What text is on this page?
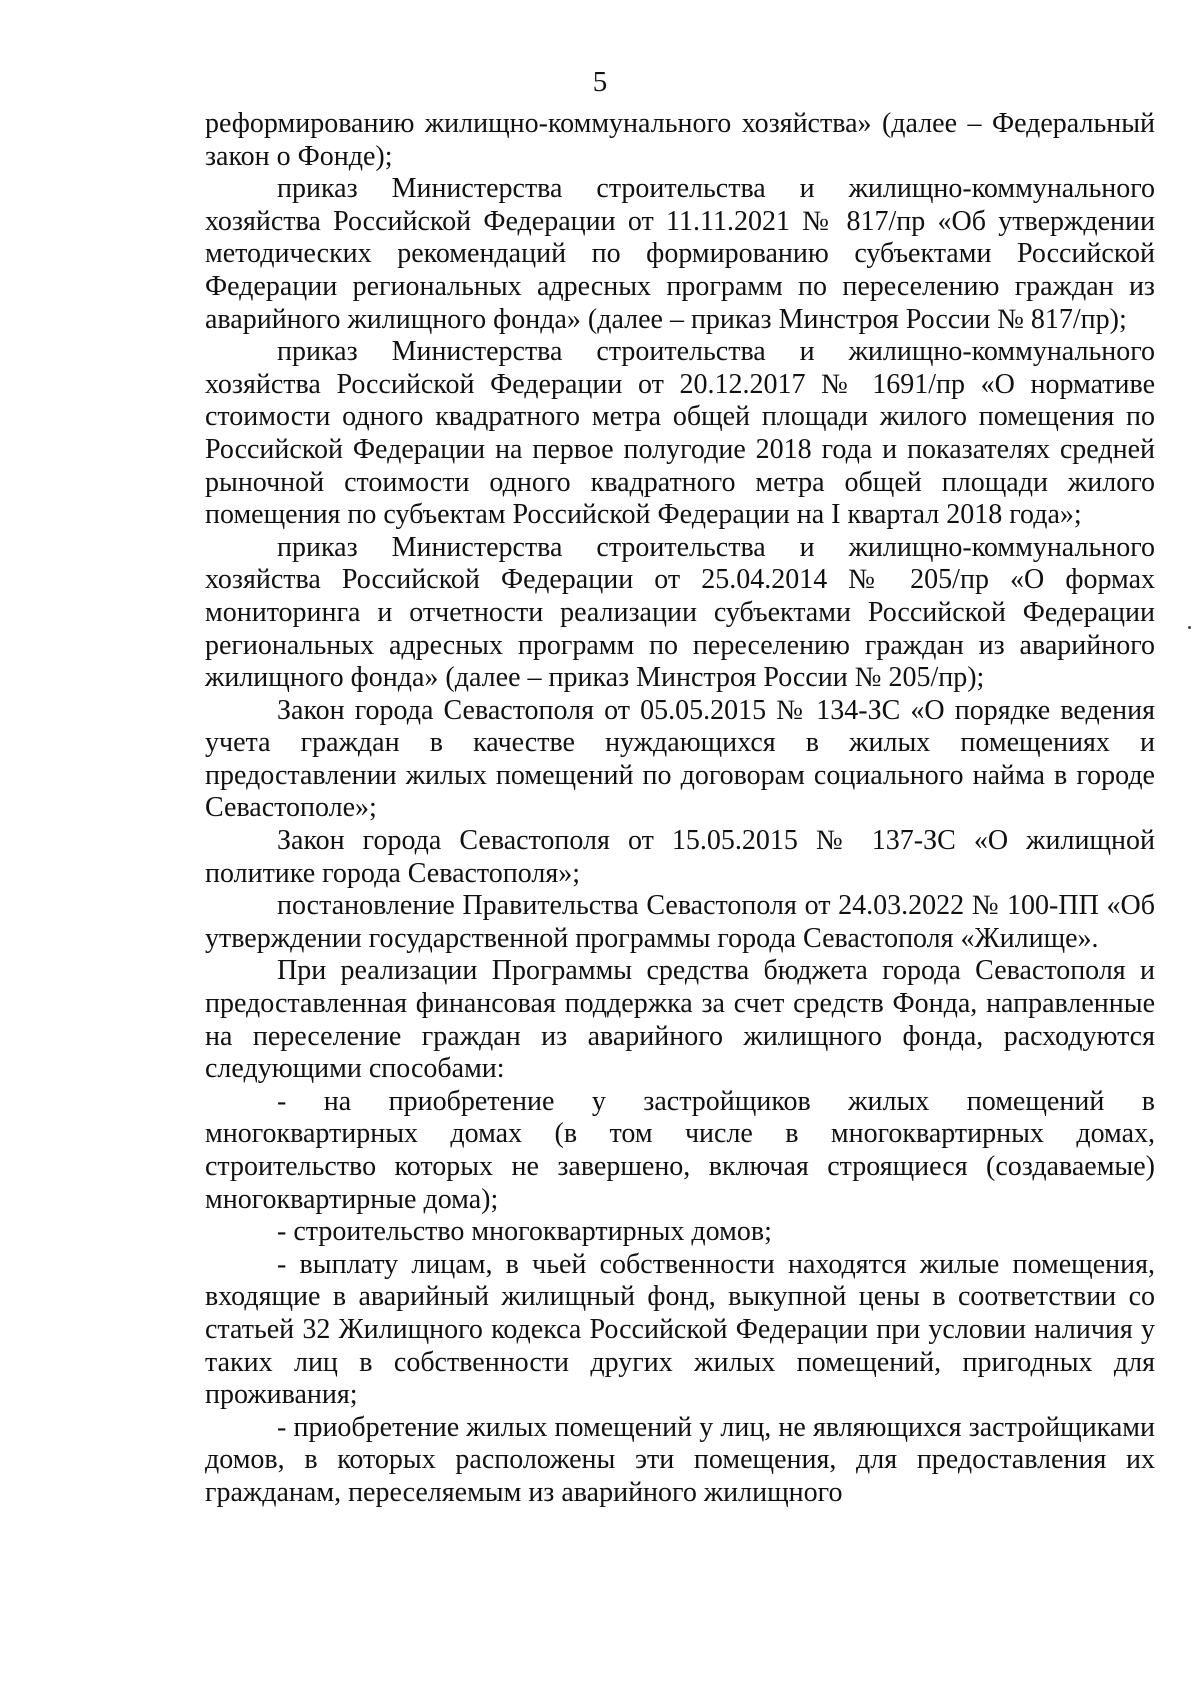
5

реформированию жилищно-коммунального хозяйства» (далее – Федеральный закон о Фонде);

приказ Министерства строительства и жилищно-коммунального хозяйства Российской Федерации от 11.11.2021 № 817/пр «Об утверждении методических рекомендаций по формированию субъектами Российской Федерации региональных адресных программ по переселению граждан из аварийного жилищного фонда» (далее – приказ Минстроя России № 817/пр);

приказ Министерства строительства и жилищно-коммунального хозяйства Российской Федерации от 20.12.2017 № 1691/пр «О нормативе стоимости одного квадратного метра общей площади жилого помещения по Российской Федерации на первое полугодие 2018 года и показателях средней рыночной стоимости одного квадратного метра общей площади жилого помещения по субъектам Российской Федерации на I квартал 2018 года»;

приказ Министерства строительства и жилищно-коммунального хозяйства Российской Федерации от 25.04.2014 № 205/пр «О формах мониторинга и отчетности реализации субъектами Российской Федерации региональных адресных программ по переселению граждан из аварийного жилищного фонда» (далее – приказ Минстроя России № 205/пр);

Закон города Севастополя от 05.05.2015 № 134-ЗС «О порядке ведения учета граждан в качестве нуждающихся в жилых помещениях и предоставлении жилых помещений по договорам социального найма в городе Севастополе»;

Закон города Севастополя от 15.05.2015 № 137-ЗС «О жилищной политике города Севастополя»;

постановление Правительства Севастополя от 24.03.2022 № 100-ПП «Об утверждении государственной программы города Севастополя «Жилище».

При реализации Программы средства бюджета города Севастополя и предоставленная финансовая поддержка за счет средств Фонда, направленные на переселение граждан из аварийного жилищного фонда, расходуются следующими способами:

- на приобретение у застройщиков жилых помещений в многоквартирных домах (в том числе в многоквартирных домах, строительство которых не завершено, включая строящиеся (создаваемые) многоквартирные дома);

- строительство многоквартирных домов;

- выплату лицам, в чьей собственности находятся жилые помещения, входящие в аварийный жилищный фонд, выкупной цены в соответствии со статьей 32 Жилищного кодекса Российской Федерации при условии наличия у таких лиц в собственности других жилых помещений, пригодных для проживания;

- приобретение жилых помещений у лиц, не являющихся застройщиками домов, в которых расположены эти помещения, для предоставления их гражданам, переселяемым из аварийного жилищного
